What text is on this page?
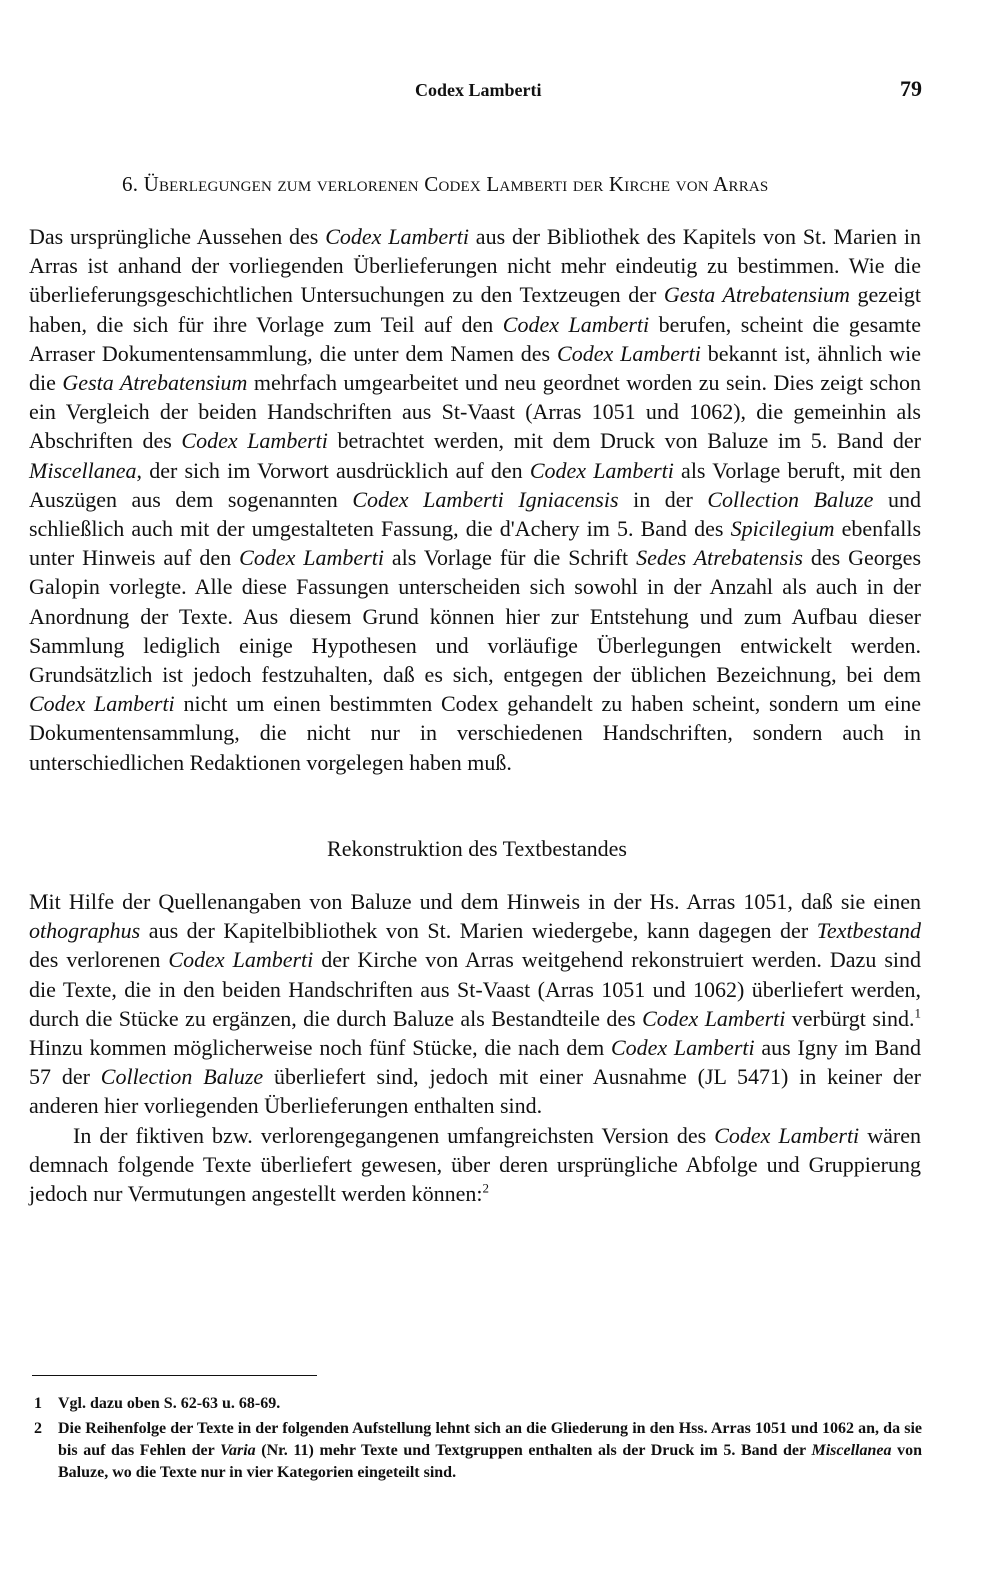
Codex Lamberti	79
6. Überlegungen zum verlorenen Codex Lamberti der Kirche von Arras

Das ursprüngliche Aussehen des Codex Lamberti aus der Bibliothek des Kapitels von St. Marien in Arras ist anhand der vorliegenden Überlieferungen nicht mehr eindeutig zu bestimmen. Wie die überlieferungsgeschichtlichen Untersuchungen zu den Textzeugen der Gesta Atrebatensium gezeigt haben, die sich für ihre Vorlage zum Teil auf den Codex Lamberti berufen, scheint die gesamte Arraser Dokumentensammlung, die unter dem Namen des Codex Lamberti bekannt ist, ähnlich wie die Gesta Atrebatensium mehrfach umgearbeitet und neu geordnet worden zu sein. Dies zeigt schon ein Vergleich der beiden Handschriften aus St-Vaast (Arras 1051 und 1062), die gemeinhin als Abschriften des Codex Lamberti betrachtet werden, mit dem Druck von Baluze im 5. Band der Miscellanea, der sich im Vorwort ausdrücklich auf den Codex Lamberti als Vorlage beruft, mit den Auszügen aus dem sogenannten Codex Lamberti Igniacensis in der Collection Baluze und schließlich auch mit der umgestalteten Fassung, die d'Achery im 5. Band des Spicilegium ebenfalls unter Hinweis auf den Codex Lamberti als Vorlage für die Schrift Sedes Atrebatensis des Georges Galopin vorlegte. Alle diese Fassungen unterscheiden sich sowohl in der Anzahl als auch in der Anordnung der Texte. Aus diesem Grund können hier zur Entstehung und zum Aufbau dieser Sammlung lediglich einige Hypothesen und vorläufige Überlegungen entwickelt werden. Grundsätzlich ist jedoch festzuhalten, daß es sich, entgegen der üblichen Bezeichnung, bei dem Codex Lamberti nicht um einen bestimmten Codex gehandelt zu haben scheint, sondern um eine Dokumentensammlung, die nicht nur in verschiedenen Handschriften, sondern auch in unterschiedlichen Redaktionen vorgelegen haben muß.

Rekonstruktion des Textbestandes

Mit Hilfe der Quellenangaben von Baluze und dem Hinweis in der Hs. Arras 1051, daß sie einen othographus aus der Kapitelbibliothek von St. Marien wiedergebe, kann dagegen der Textbestand des verlorenen Codex Lamberti der Kirche von Arras weitgehend rekonstruiert werden. Dazu sind die Texte, die in den beiden Handschriften aus St-Vaast (Arras 1051 und 1062) überliefert werden, durch die Stücke zu ergänzen, die durch Baluze als Bestandteile des Codex Lamberti verbürgt sind.$^1$ Hinzu kommen möglicherweise noch fünf Stücke, die nach dem Codex Lamberti aus Igny im Band 57 der Collection Baluze überliefert sind, jedoch mit einer Ausnahme (JL 5471) in keiner der anderen hier vorliegenden Überlieferungen enthalten sind.

In der fiktiven bzw. verlorengegangenen umfangreichsten Version des Codex Lamberti wären demnach folgende Texte überliefert gewesen, über deren ursprüngliche Abfolge und Gruppierung jedoch nur Vermutungen angestellt werden können:$^2$

1 Vgl. dazu oben S. 62-63 u. 68-69.
2 Die Reihenfolge der Texte in der folgenden Aufstellung lehnt sich an die Gliederung in den Hss. Arras 1051 und 1062 an, da sie bis auf das Fehlen der Varia (Nr. 11) mehr Texte und Textgruppen enthalten als der Druck im 5. Band der Miscellanea von Baluze, wo die Texte nur in vier Kategorien eingeteilt sind.
